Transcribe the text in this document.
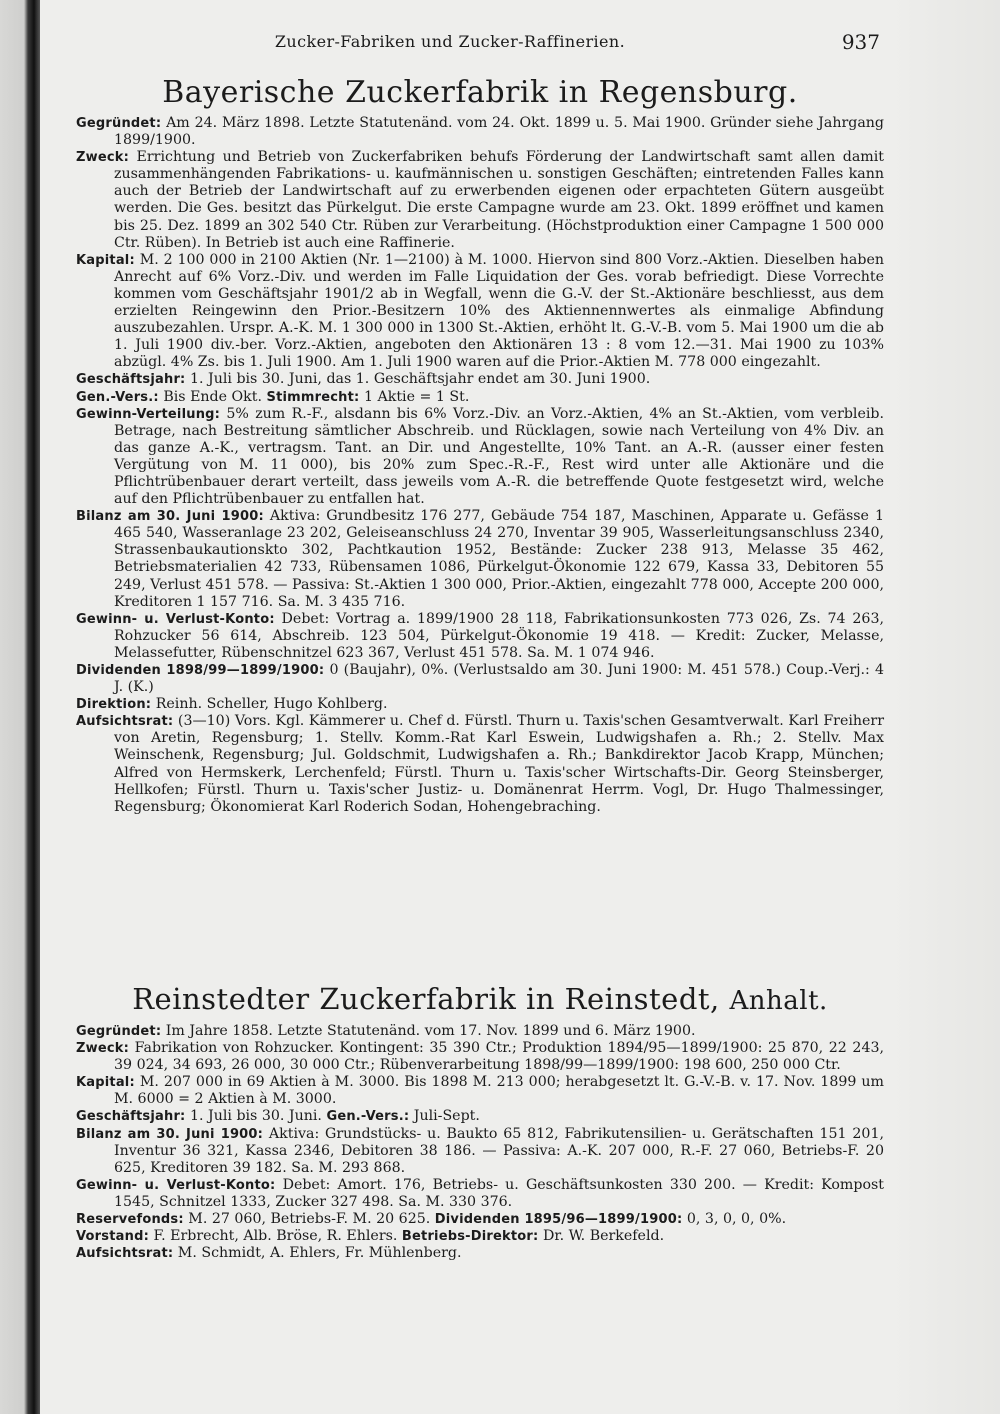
Zucker-Fabriken und Zucker-Raffinerien.	937
Bayerische Zuckerfabrik in Regensburg.

Gegründet: Am 24. März 1898. Letzte Statutenänd. vom 24. Okt. 1899 u. 5. Mai 1900. Gründer siehe Jahrgang 1899/1900.

Zweck: Errichtung und Betrieb von Zuckerfabriken behufs Förderung der Landwirtschaft samt allen damit zusammenhängenden Fabrikations- u. kaufmännischen u. sonstigen Geschäften; eintretenden Falles kann auch der Betrieb der Landwirtschaft auf zu erwerbenden eigenen oder erpachteten Gütern ausgeübt werden. Die Ges. besitzt das Pürkelgut. Die erste Campagne wurde am 23. Okt. 1899 eröffnet und kamen bis 25. Dez. 1899 an 302 540 Ctr. Rüben zur Verarbeitung. (Höchstproduktion einer Campagne 1 500 000 Ctr. Rüben). In Betrieb ist auch eine Raffinerie.

Kapital: M. 2 100 000 in 2100 Aktien (Nr. 1—2100) à M. 1000. Hiervon sind 800 Vorz.-Aktien. Dieselben haben Anrecht auf 6% Vorz.-Div. und werden im Falle Liquidation der Ges. vorab befriedigt. Diese Vorrechte kommen vom Geschäftsjahr 1901/2 ab in Wegfall, wenn die G.-V. der St.-Aktionäre beschliesst, aus dem erzielten Reingewinn den Prior.-Besitzern 10% des Aktiennennwertes als einmalige Abfindung auszubezahlen. Urspr. A.-K. M. 1 300 000 in 1300 St.-Aktien, erhöht lt. G.-V.-B. vom 5. Mai 1900 um die ab 1. Juli 1900 div.-ber. Vorz.-Aktien, angeboten den Aktionären 13 : 8 vom 12.—31. Mai 1900 zu 103% abzügl. 4% Zs. bis 1. Juli 1900. Am 1. Juli 1900 waren auf die Prior.-Aktien M. 778 000 eingezahlt.

Geschäftsjahr: 1. Juli bis 30. Juni, das 1. Geschäftsjahr endet am 30. Juni 1900.

Gen.-Vers.: Bis Ende Okt. Stimmrecht: 1 Aktie = 1 St.

Gewinn-Verteilung: 5% zum R.-F., alsdann bis 6% Vorz.-Div. an Vorz.-Aktien, 4% an St.-Aktien, vom verbleib. Betrage, nach Bestreitung sämtlicher Abschreib. und Rücklagen, sowie nach Verteilung von 4% Div. an das ganze A.-K., vertragsm. Tant. an Dir. und Angestellte, 10% Tant. an A.-R. (ausser einer festen Vergütung von M. 11 000), bis 20% zum Spec.-R.-F., Rest wird unter alle Aktionäre und die Pflichtrübenbauer derart verteilt, dass jeweils vom A.-R. die betreffende Quote festgesetzt wird, welche auf den Pflichtrübenbauer zu entfallen hat.

Bilanz am 30. Juni 1900: Aktiva: Grundbesitz 176 277, Gebäude 754 187, Maschinen, Apparate u. Gefässe 1 465 540, Wasseranlage 23 202, Geleiseanschluss 24 270, Inventar 39 905, Wasserleitungsanschluss 2340, Strassenbaukautionskto 302, Pachtkaution 1952, Bestände: Zucker 238 913, Melasse 35 462, Betriebsmaterialien 42 733, Rübensamen 1086, Pürkelgut-Ökonomie 122 679, Kassa 33, Debitoren 55 249, Verlust 451 578. — Passiva: St.-Aktien 1 300 000, Prior.-Aktien, eingezahlt 778 000, Accepte 200 000, Kreditoren 1 157 716. Sa. M. 3 435 716.

Gewinn- u. Verlust-Konto: Debet: Vortrag a. 1899/1900 28 118, Fabrikationsunkosten 773 026, Zs. 74 263, Rohzucker 56 614, Abschreib. 123 504, Pürkelgut-Ökonomie 19 418. — Kredit: Zucker, Melasse, Melassefutter, Rübenschnitzel 623 367, Verlust 451 578. Sa. M. 1 074 946.

Dividenden 1898/99—1899/1900: 0 (Baujahr), 0%. (Verlustsaldo am 30. Juni 1900: M. 451 578.) Coup.-Verj.: 4 J. (K.)

Direktion: Reinh. Scheller, Hugo Kohlberg.

Aufsichtsrat: (3—10) Vors. Kgl. Kämmerer u. Chef d. Fürstl. Thurn u. Taxis'schen Gesamtverwalt. Karl Freiherr von Aretin, Regensburg; 1. Stellv. Komm.-Rat Karl Eswein, Ludwigshafen a. Rh.; 2. Stellv. Max Weinschenk, Regensburg; Jul. Goldschmit, Ludwigshafen a. Rh.; Bankdirektor Jacob Krapp, München; Alfred von Hermskerk, Lerchenfeld; Fürstl. Thurn u. Taxis'scher Wirtschafts-Dir. Georg Steinsberger, Hellkofen; Fürstl. Thurn u. Taxis'scher Justiz- u. Domänenrat Herrm. Vogl, Dr. Hugo Thalmessinger, Regensburg; Ökonomierat Karl Roderich Sodan, Hohengebraching.

Reinstedter Zuckerfabrik in Reinstedt, Anhalt.

Gegründet: Im Jahre 1858. Letzte Statutenänd. vom 17. Nov. 1899 und 6. März 1900.

Zweck: Fabrikation von Rohzucker. Kontingent: 35 390 Ctr.; Produktion 1894/95—1899/1900: 25 870, 22 243, 39 024, 34 693, 26 000, 30 000 Ctr.; Rübenverarbeitung 1898/99—1899/1900: 198 600, 250 000 Ctr.

Kapital: M. 207 000 in 69 Aktien à M. 3000. Bis 1898 M. 213 000; herabgesetzt lt. G.-V.-B. v. 17. Nov. 1899 um M. 6000 = 2 Aktien à M. 3000.

Geschäftsjahr: 1. Juli bis 30. Juni. Gen.-Vers.: Juli-Sept.

Bilanz am 30. Juni 1900: Aktiva: Grundstücks- u. Baukto 65 812, Fabrikutensilien- u. Gerätschaften 151 201, Inventur 36 321, Kassa 2346, Debitoren 38 186. — Passiva: A.-K. 207 000, R.-F. 27 060, Betriebs-F. 20 625, Kreditoren 39 182. Sa. M. 293 868.

Gewinn- u. Verlust-Konto: Debet: Amort. 176, Betriebs- u. Geschäftsunkosten 330 200. — Kredit: Kompost 1545, Schnitzel 1333, Zucker 327 498. Sa. M. 330 376.

Reservefonds: M. 27 060, Betriebs-F. M. 20 625. Dividenden 1895/96—1899/1900: 0, 3, 0, 0, 0%.

Vorstand: F. Erbrecht, Alb. Bröse, R. Ehlers. Betriebs-Direktor: Dr. W. Berkefeld.

Aufsichtsrat: M. Schmidt, A. Ehlers, Fr. Mühlenberg.
